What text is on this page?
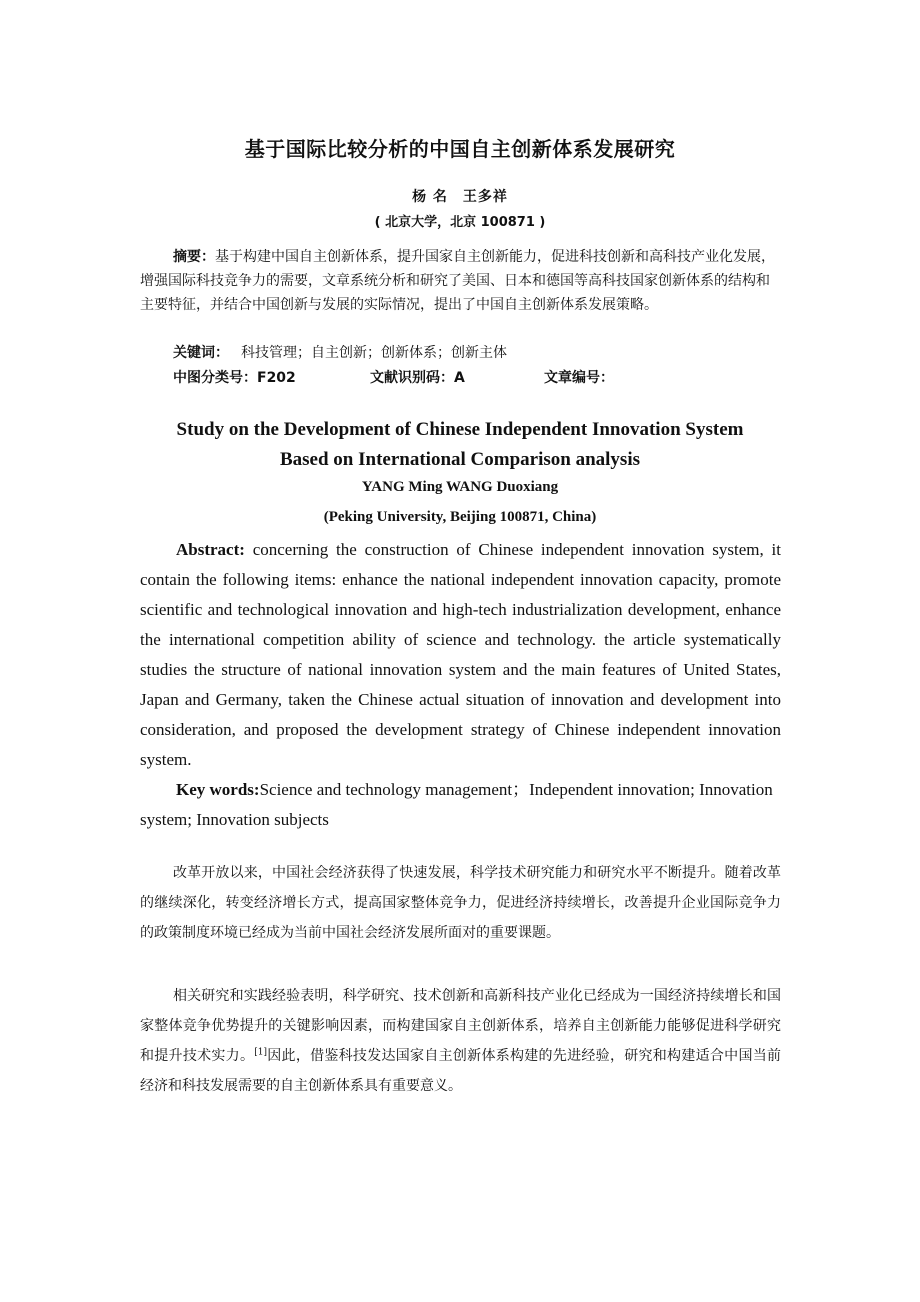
基于国际比较分析的中国自主创新体系发展研究
杨 名　王多祥
( 北京大学，北京 100871 )
摘要：基于构建中国自主创新体系，提升国家自主创新能力，促进科技创新和高科技产业化发展，增强国际科技竞争力的需要，文章系统分析和研究了美国、日本和德国等高科技国家创新体系的结构和主要特征，并结合中国创新与发展的实际情况，提出了中国自主创新体系发展策略。
关键词： 科技管理；自主创新；创新体系；创新主体
中图分类号：F202	文献识别码：A	文章编号：
Study on the Development of Chinese Independent Innovation System
Based on International Comparison analysis
YANG Ming WANG Duoxiang
(Peking University, Beijing 100871, China)
Abstract: concerning the construction of Chinese independent innovation system, it contain the following items: enhance the national independent innovation capacity, promote scientific and technological innovation and high-tech industrialization development, enhance the international competition ability of science and technology. the article systematically studies the structure of national innovation system and the main features of United States, Japan and Germany, taken the Chinese actual situation of innovation and development into consideration, and proposed the development strategy of Chinese independent innovation system.
Key words:Science and technology management；Independent innovation; Innovation system; Innovation subjects
改革开放以来，中国社会经济获得了快速发展，科学技术研究能力和研究水平不断提升。随着改革的继续深化，转变经济增长方式，提高国家整体竞争力，促进经济持续增长，改善提升企业国际竞争力的政策制度环境已经成为当前中国社会经济发展所面对的重要课题。
相关研究和实践经验表明，科学研究、技术创新和高新科技产业化已经成为一国经济持续增长和国家整体竞争优势提升的关键影响因素，而构建国家自主创新体系，培养自主创新能力能够促进科学研究和提升技术实力。[1]因此，借鉴科技发达国家自主创新体系构建的先进经验，研究和构建适合中国当前经济和科技发展需要的自主创新体系具有重要意义。
